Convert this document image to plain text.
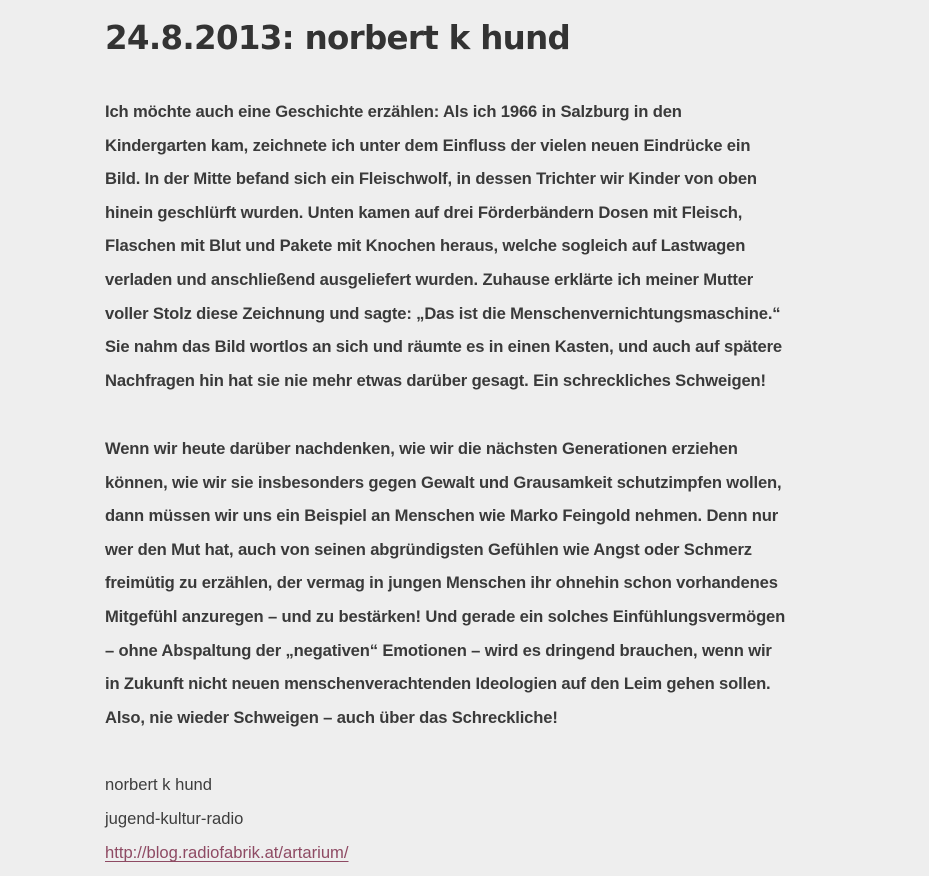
24.8.2013: norbert k hund

Ich möchte auch eine Geschichte erzählen: Als ich 1966 in Salzburg in den
Kindergarten kam, zeichnete ich unter dem Einfluss der vielen neuen Eindrücke ein
Bild. In der Mitte befand sich ein Fleischwolf, in dessen Trichter wir Kinder von oben
hinein geschlürft wurden. Unten kamen auf drei Förderbändern Dosen mit Fleisch,
Flaschen mit Blut und Pakete mit Knochen heraus, welche sogleich auf Lastwagen
verladen und anschließend ausgeliefert wurden. Zuhause erklärte ich meiner Mutter
voller Stolz diese Zeichnung und sagte: „Das ist die Menschenvernichtungsmaschine.“
Sie nahm das Bild wortlos an sich und räumte es in einen Kasten, und auch auf spätere
Nachfragen hin hat sie nie mehr etwas darüber gesagt. Ein schreckliches Schweigen!

Wenn wir heute darüber nachdenken, wie wir die nächsten Generationen erziehen
können, wie wir sie insbesonders gegen Gewalt und Grausamkeit schutzimpfen wollen,
dann müssen wir uns ein Beispiel an Menschen wie Marko Feingold nehmen. Denn nur
wer den Mut hat, auch von seinen abgründigsten Gefühlen wie Angst oder Schmerz
freimütig zu erzählen, der vermag in jungen Menschen ihr ohnehin schon vorhandenes
Mitgefühl anzuregen – und zu bestärken! Und gerade ein solches Einfühlungsvermögen
– ohne Abspaltung der „negativen“ Emotionen – wird es dringend brauchen, wenn wir
in Zukunft nicht neuen menschenverachtenden Ideologien auf den Leim gehen sollen.
Also, nie wieder Schweigen – auch über das Schreckliche!

norbert k hund
jugend-kultur-radio
http://blog.radiofabrik.at/artarium/
